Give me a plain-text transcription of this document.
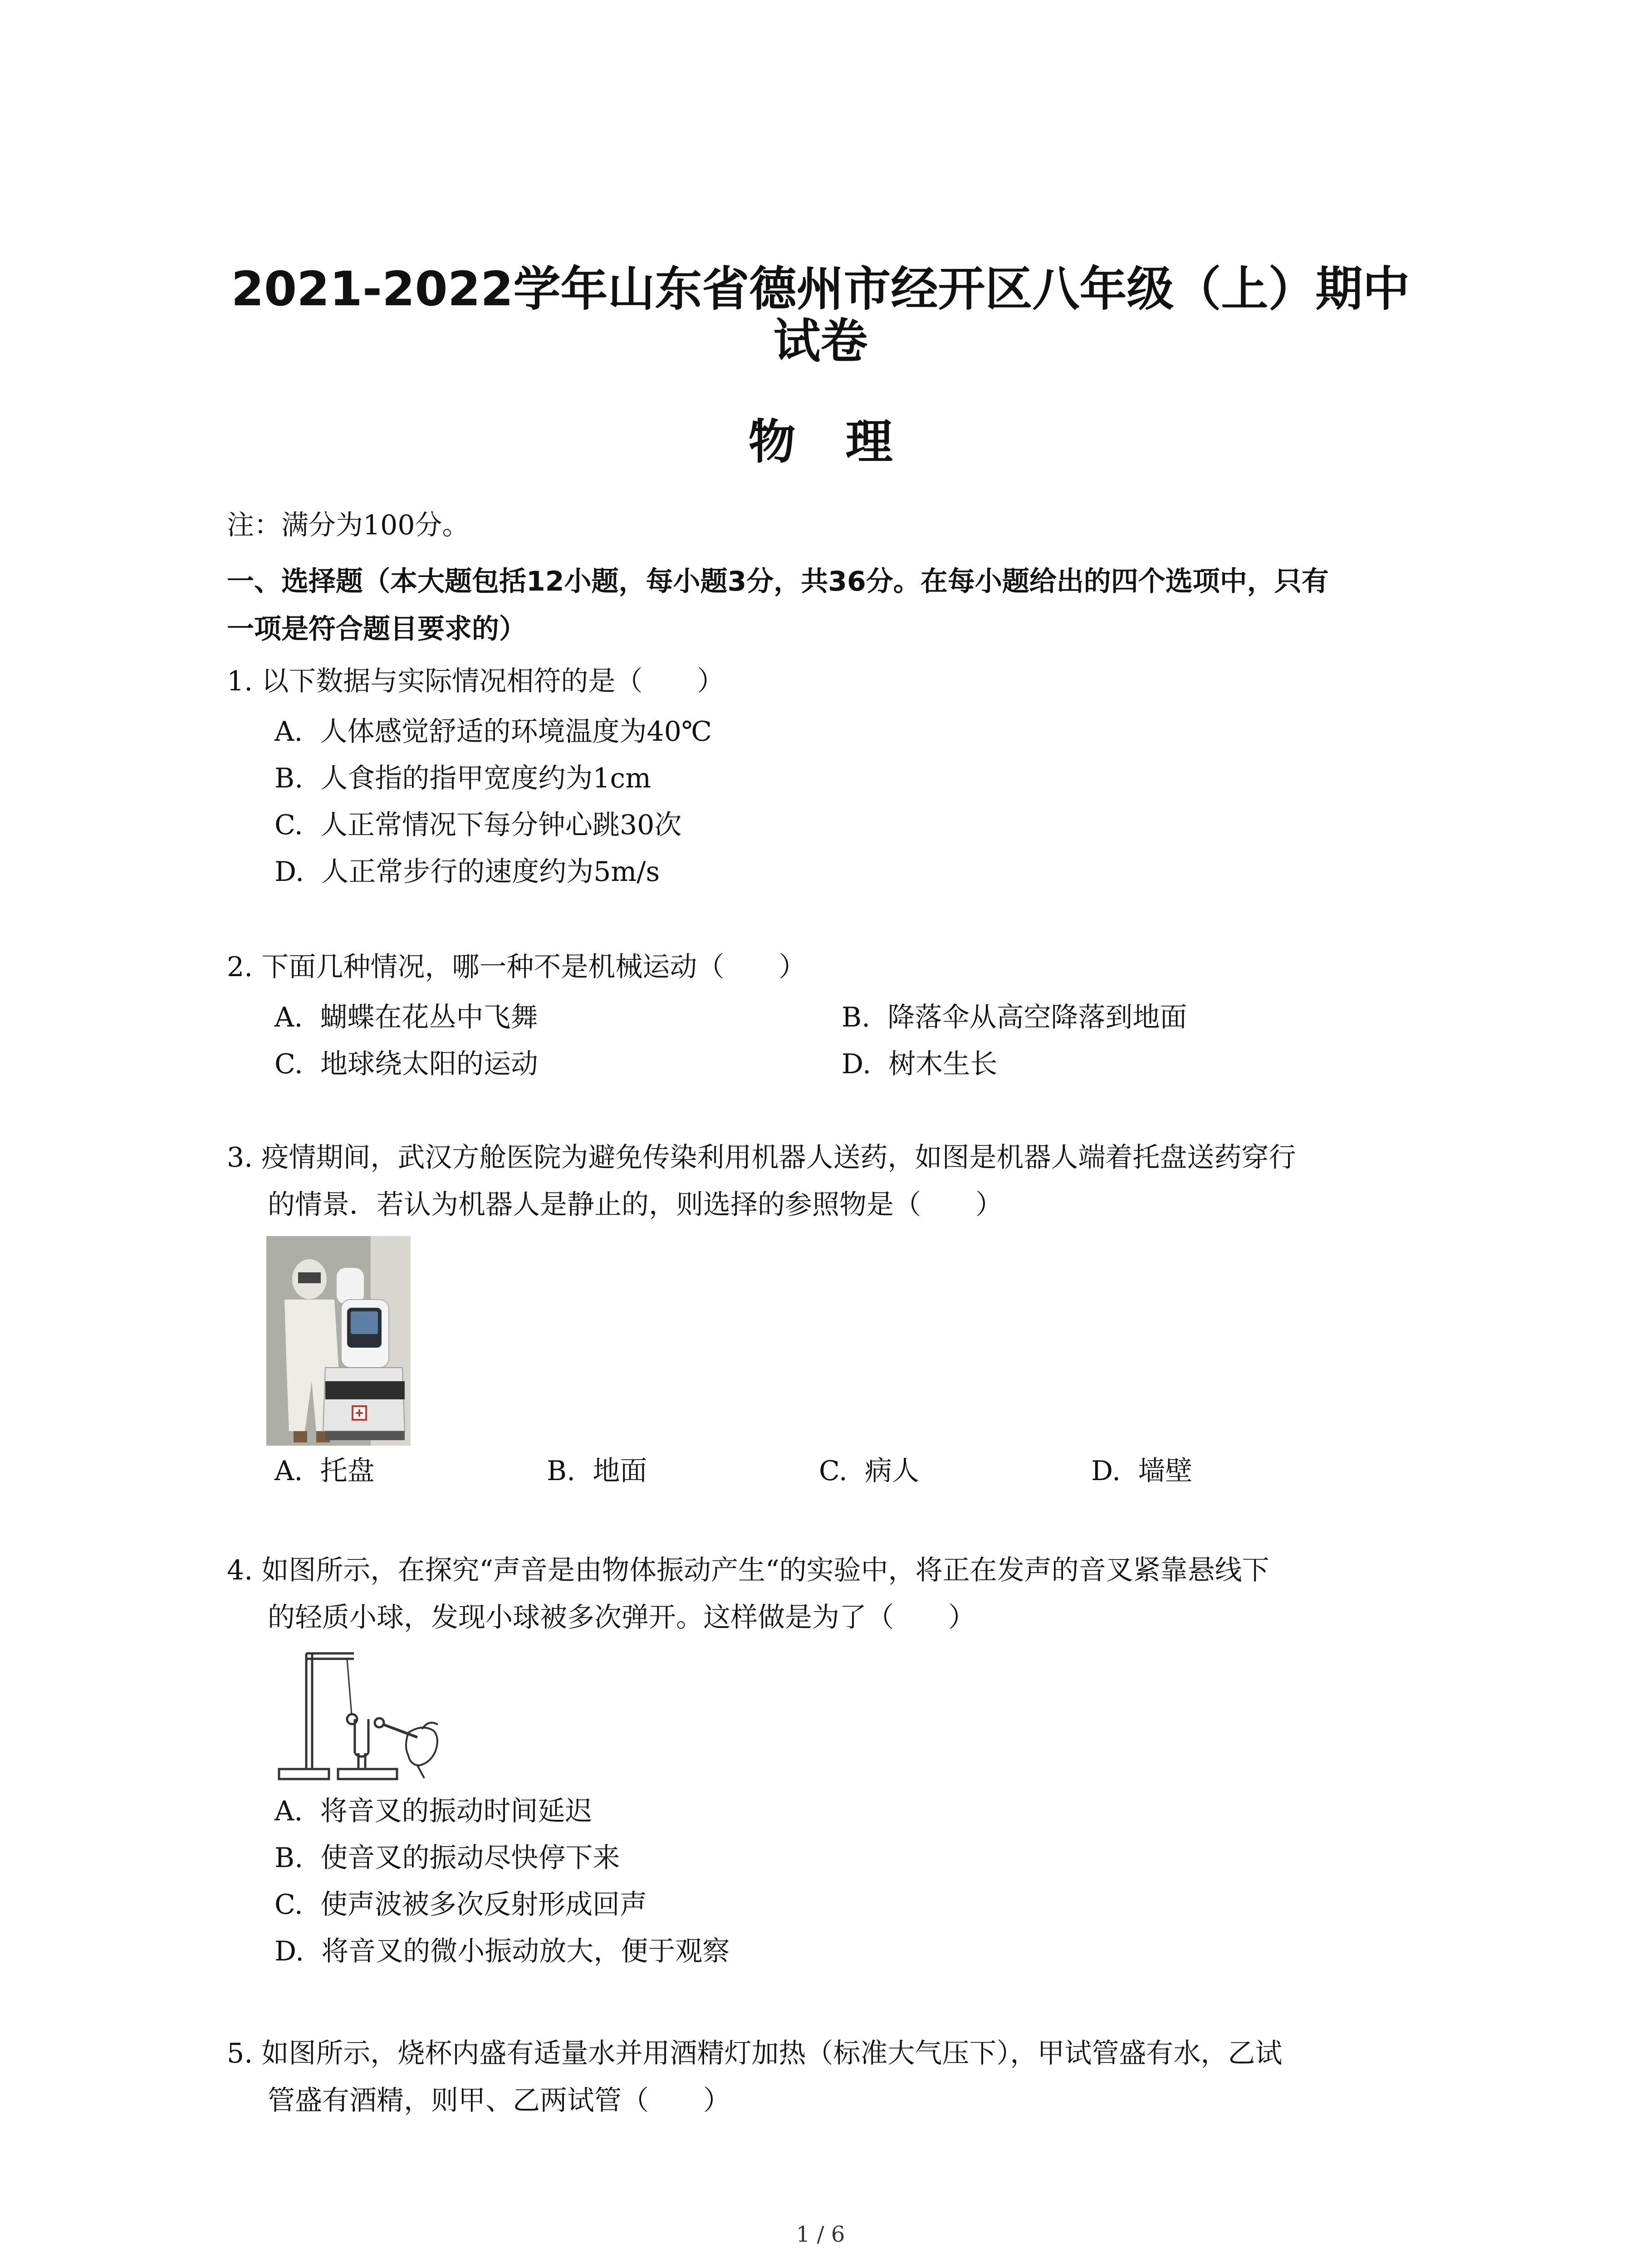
2021-2022学年山东省德州市经开区八年级（上）期中
试卷
物理
注：满分为100分。
一、选择题（本大题包括12小题，每小题3分，共36分。在每小题给出的四个选项中，只有
一项是符合题目要求的）
1. 以下数据与实际情况相符的是（　　）
A. 人体感觉舒适的环境温度为40℃
B. 人食指的指甲宽度约为1cm
C. 人正常情况下每分钟心跳30次
D. 人正常步行的速度约为5m/s
2. 下面几种情况，哪一种不是机械运动（　　）
A. 蝴蝶在花丛中飞舞	B. 降落伞从高空降落到地面
C. 地球绕太阳的运动	D. 树木生长
3. 疫情期间，武汉方舱医院为避免传染利用机器人送药，如图是机器人端着托盘送药穿行
的情景．若认为机器人是静止的，则选择的参照物是（　　）
A. 托盘	B. 地面	C. 病人	D. 墙壁
4. 如图所示，在探究“声音是由物体振动产生“的实验中，将正在发声的音叉紧靠悬线下
的轻质小球，发现小球被多次弹开。这样做是为了（　　）
A. 将音叉的振动时间延迟
B. 使音叉的振动尽快停下来
C. 使声波被多次反射形成回声
D. 将音叉的微小振动放大，便于观察
5. 如图所示，烧杯内盛有适量水并用酒精灯加热（标准大气压下），甲试管盛有水，乙试
管盛有酒精，则甲、乙两试管（　　）
1 / 6
